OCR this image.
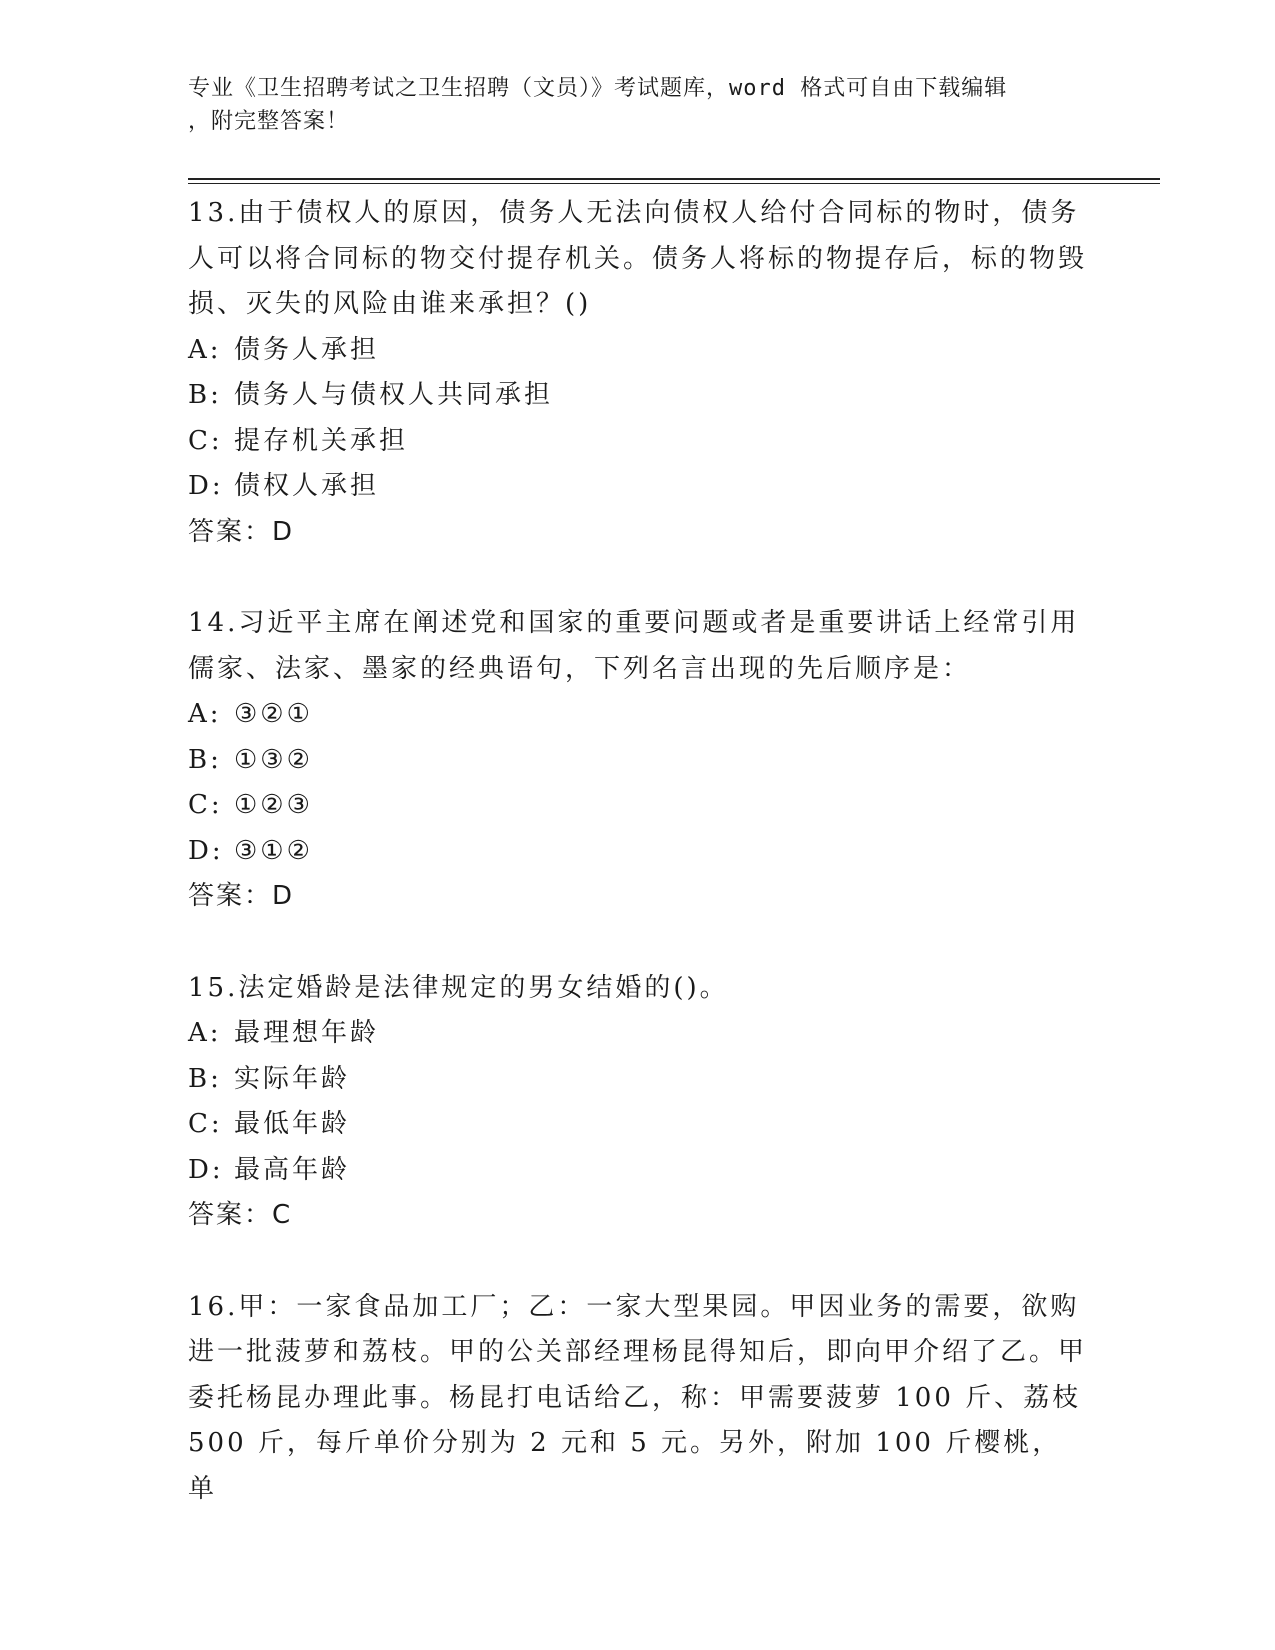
专业《卫生招聘考试之卫生招聘（文员）》考试题库，word 格式可自由下载编辑
，附完整答案！

13.由于债权人的原因，债务人无法向债权人给付合同标的物时，债务人可以将合同标的物交付提存机关。债务人将标的物提存后，标的物毁损、灭失的风险由谁来承担？()

A: 债务人承担

B: 债务人与债权人共同承担

C: 提存机关承担

D: 债权人承担

答案：D

14.习近平主席在阐述党和国家的重要问题或者是重要讲话上经常引用儒家、法家、墨家的经典语句，下列名言出现的先后顺序是：

A: ③②①

B: ①③②

C: ①②③

D: ③①②

答案：D

15.法定婚龄是法律规定的男女结婚的()。

A: 最理想年龄

B: 实际年龄

C: 最低年龄

D: 最高年龄

答案：C

16.甲：一家食品加工厂；乙：一家大型果园。甲因业务的需要，欲购进一批菠萝和荔枝。甲的公关部经理杨昆得知后，即向甲介绍了乙。甲委托杨昆办理此事。杨昆打电话给乙，称：甲需要菠萝 100 斤、荔枝 500 斤，每斤单价分别为 2 元和 5 元。另外，附加 100 斤樱桃，单
